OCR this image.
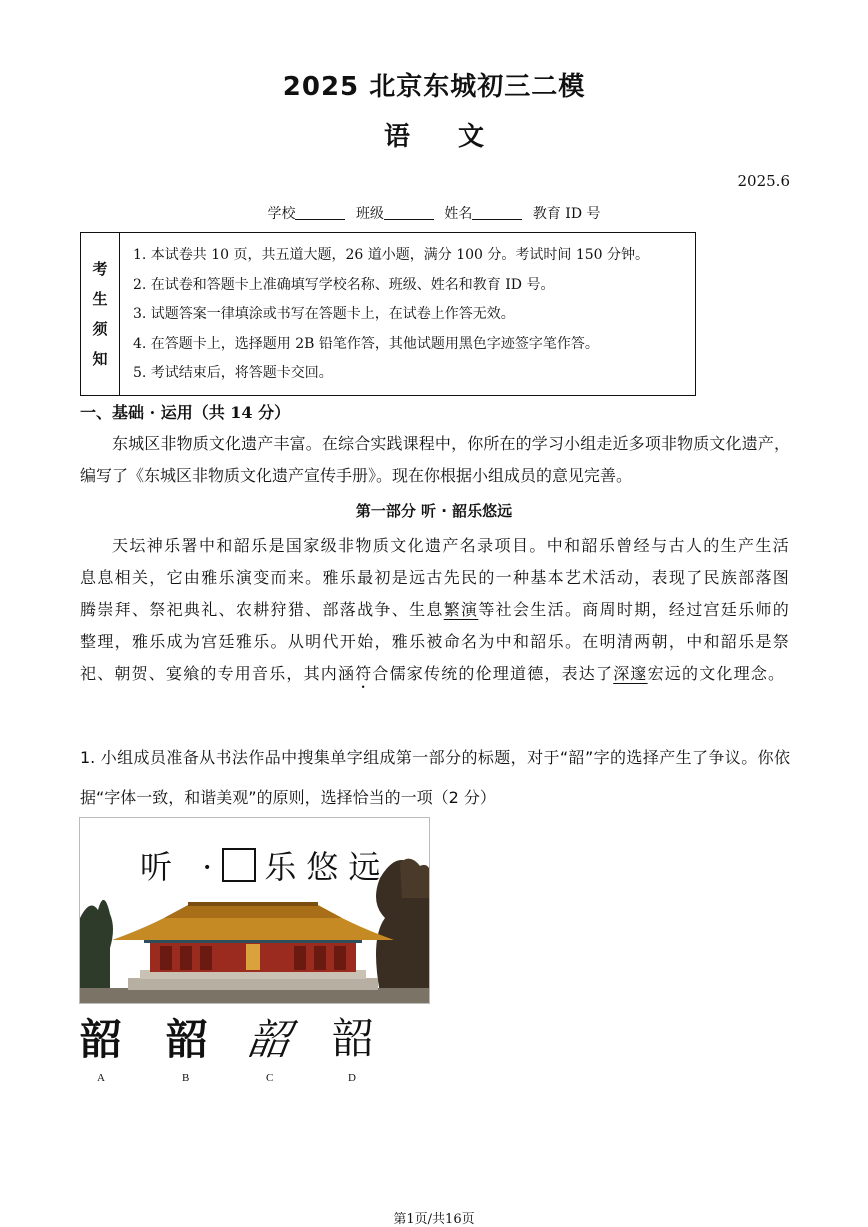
2025 北京东城初三二模
语文
2025.6
学校	班级	姓名	教育 ID 号
考
生
须
知
1. 本试卷共 10 页，共五道大题，26 道小题，满分 100 分。考试时间 150 分钟。
2. 在试卷和答题卡上准确填写学校名称、班级、姓名和教育 ID 号。
3. 试题答案一律填涂或书写在答题卡上，在试卷上作答无效。
4. 在答题卡上，选择题用 2B 铅笔作答，其他试题用黑色字迹签字笔作答。
5. 考试结束后，将答题卡交回。
一、基础 · 运用（共 14 分）
东城区非物质文化遗产丰富。在综合实践课程中，你所在的学习小组走近多项非物质文化遗产，编写了《东城区非物质文化遗产宣传手册》。现在你根据小组成员的意见完善。
第一部分 听 · 韶乐悠远
天坛神乐署中和韶乐是国家级非物质文化遗产名录项目。中和韶乐曾经与古人的生产生活息息相关，它由雅乐演变而来。雅乐最初是远古先民的一种基本艺术活动，表现了民族部落图腾崇拜、祭祀典礼、农耕狩猎、部落战争、生息繁演等社会生活。商周时期，经过宫廷乐师的整理，雅乐成为宫廷雅乐。从明代开始，雅乐被命名为中和韶乐。在明清两朝，中和韶乐是祭祀、朝贺、宴飨的专用音乐，其内涵符合儒家传统的伦理道德，表达了深邃宏远的文化理念。
1. 小组成员准备从书法作品中搜集单字组成第一部分的标题，对于“韶”字的选择产生了争议。你依据“字体一致，和谐美观”的原则，选择恰当的一项（2 分）
听 · 乐悠远
韶 韶 韶 韶
A	B	C	D
第1页/共16页
